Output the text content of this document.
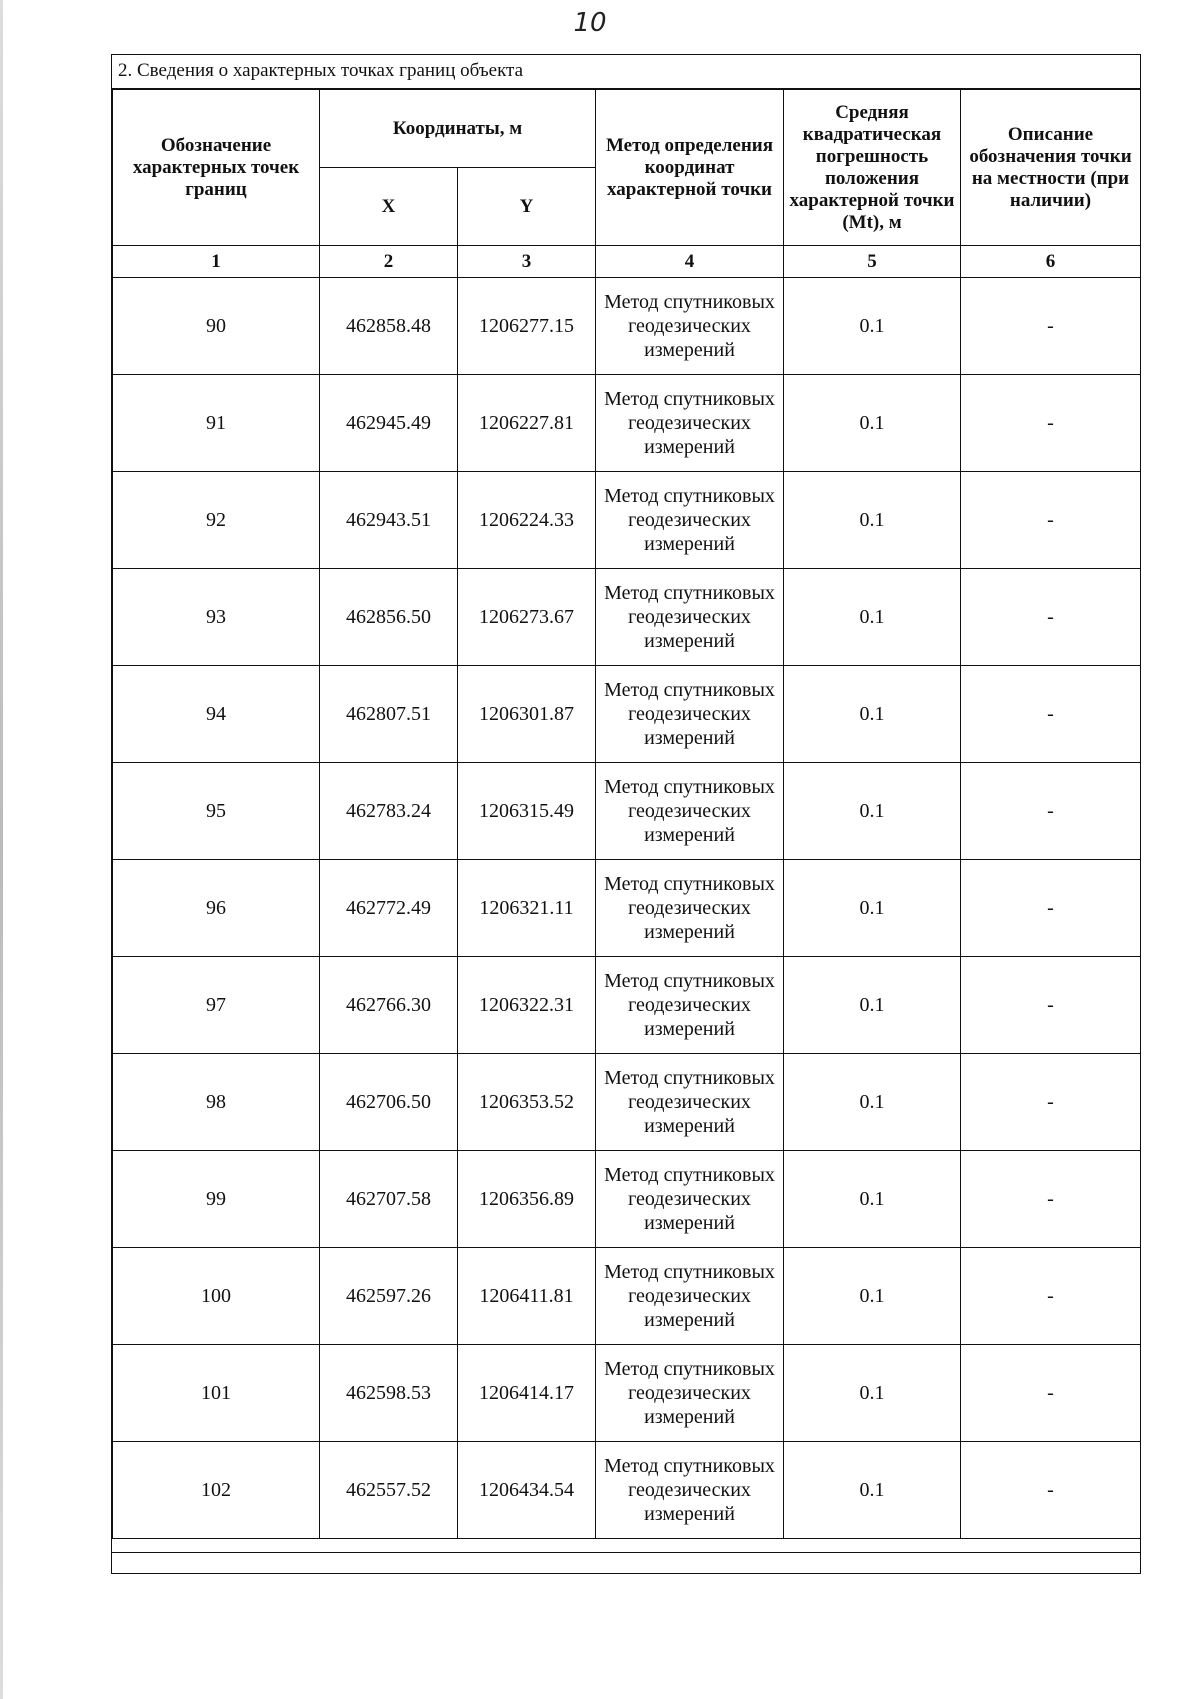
10
2. Сведения о характерных точках границ объекта
Обозначение характерных точек границ	Координаты, м		Метод определения координат характерной точки	Средняя квадратическая погрешность положения характерной точки (Mt), м	Описание обозначения точки на местности (при наличии)
	X	Y			
1	2	3	4	5	6
90	462858.48	1206277.15	Метод спутниковых геодезических измерений	0.1	-
91	462945.49	1206227.81	Метод спутниковых геодезических измерений	0.1	-
92	462943.51	1206224.33	Метод спутниковых геодезических измерений	0.1	-
93	462856.50	1206273.67	Метод спутниковых геодезических измерений	0.1	-
94	462807.51	1206301.87	Метод спутниковых геодезических измерений	0.1	-
95	462783.24	1206315.49	Метод спутниковых геодезических измерений	0.1	-
96	462772.49	1206321.11	Метод спутниковых геодезических измерений	0.1	-
97	462766.30	1206322.31	Метод спутниковых геодезических измерений	0.1	-
98	462706.50	1206353.52	Метод спутниковых геодезических измерений	0.1	-
99	462707.58	1206356.89	Метод спутниковых геодезических измерений	0.1	-
100	462597.26	1206411.81	Метод спутниковых геодезических измерений	0.1	-
101	462598.53	1206414.17	Метод спутниковых геодезических измерений	0.1	-
102	462557.52	1206434.54	Метод спутниковых геодезических измерений	0.1	-
